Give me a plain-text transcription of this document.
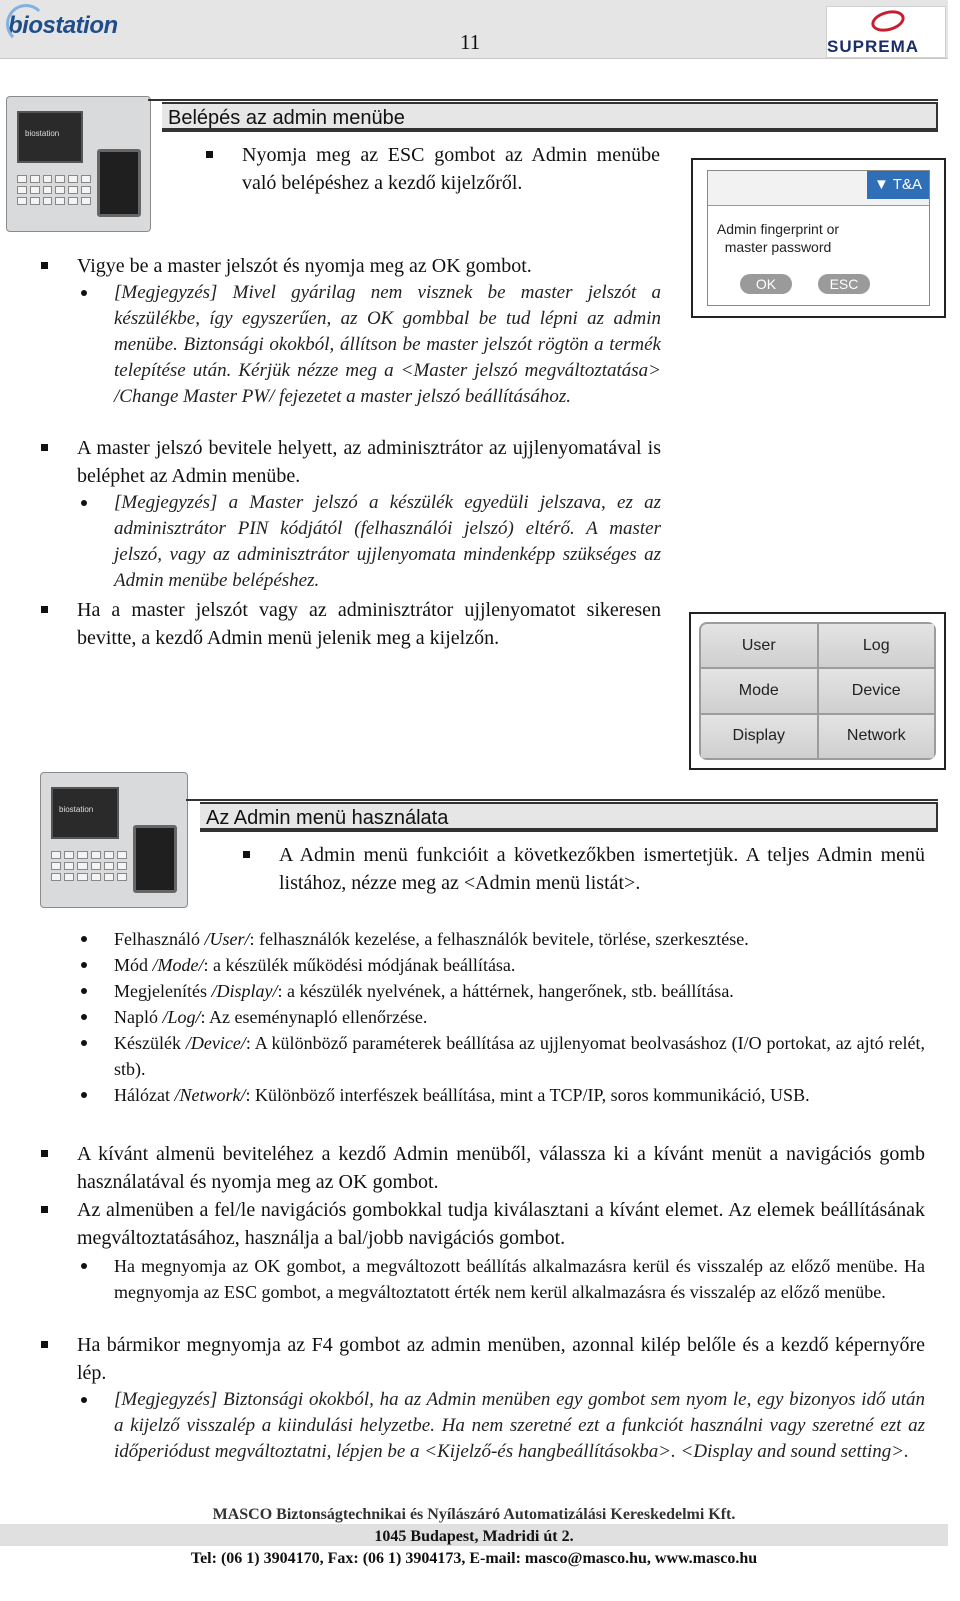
biostation
11	SUPREMA
biostation
Belépés az admin menübe
Nyomja meg az ESC gombot az Admin menübe való belépéshez a kezdő kijelzőről.	▼ T&A
Admin fingerprint or master password
OK	ESC
Vigye be a master jelszót és nyomja meg az OK gombot.
[Megjegyzés] Mivel gyárilag nem visznek be master jelszót a készülékbe, így egyszerűen, az OK gombbal be tud lépni az admin menübe. Biztonsági okokból, állítson be master jelszót rögtön a termék telepítése után. Kérjük nézze meg a <Master jelszó megváltoztatása> /Change Master PW/ fejezetet a master jelszó beállításához.
A master jelszó bevitele helyett, az adminisztrátor az ujjlenyomatával is beléphet az Admin menübe.
[Megjegyzés] a Master jelszó a készülék egyedüli jelszava, ez az adminisztrátor PIN kódjától (felhasználói jelszó) eltérő. A master jelszó, vagy az adminisztrátor ujjlenyomata mindenképp szükséges az Admin menübe belépéshez.
Ha a master jelszót vagy az adminisztrátor ujjlenyomatot sikeresen bevitte, a kezdő Admin menü jelenik meg a kijelzőn.	User	Log
Mode	Device
Display	Network
biostation	Az Admin menü használata
A Admin menü funkcióit a következőkben ismertetjük. A teljes Admin menü listához, nézze meg az <Admin menü listát>.
Felhasználó /User/: felhasználók kezelése, a felhasználók bevitele, törlése, szerkesztése.
Mód /Mode/: a készülék működési módjának beállítása.
Megjelenítés /Display/: a készülék nyelvének, a háttérnek, hangerőnek, stb. beállítása.
Napló /Log/: Az eseménynapló ellenőrzése.
Készülék /Device/: A különböző paraméterek beállítása az ujjlenyomat beolvasáshoz (I/O portokat, az ajtó relét, stb).
Hálózat /Network/: Különböző interfészek beállítása, mint a TCP/IP, soros kommunikáció, USB.
A kívánt almenü beviteléhez a kezdő Admin menüből, válassza ki a kívánt menüt a navigációs gomb használatával és nyomja meg az OK gombot.
Az almenüben a fel/le navigációs gombokkal tudja kiválasztani a kívánt elemet. Az elemek beállításának megváltoztatásához, használja a bal/jobb navigációs gombot.
Ha megnyomja az OK gombot, a megváltozott beállítás alkalmazásra kerül és visszalép az előző menübe. Ha megnyomja az ESC gombot, a megváltoztatott érték nem kerül alkalmazásra és visszalép az előző menübe.
Ha bármikor megnyomja az F4 gombot az admin menüben, azonnal kilép belőle és a kezdő képernyőre lép.
[Megjegyzés] Biztonsági okokból, ha az Admin menüben egy gombot sem nyom le, egy bizonyos idő után a kijelző visszalép a kiindulási helyzetbe. Ha nem szeretné ezt a funkciót használni vagy szeretné ezt az időperiódust megváltoztatni, lépjen be a <Kijelző-és hangbeállításokba>. <Display and sound setting>.
MASCO Biztonságtechnikai és Nyílászáró Automatizálási Kereskedelmi Kft.
1045 Budapest, Madridi út 2.
Tel: (06 1) 3904170, Fax: (06 1) 3904173, E-mail: masco@masco.hu, www.masco.hu
